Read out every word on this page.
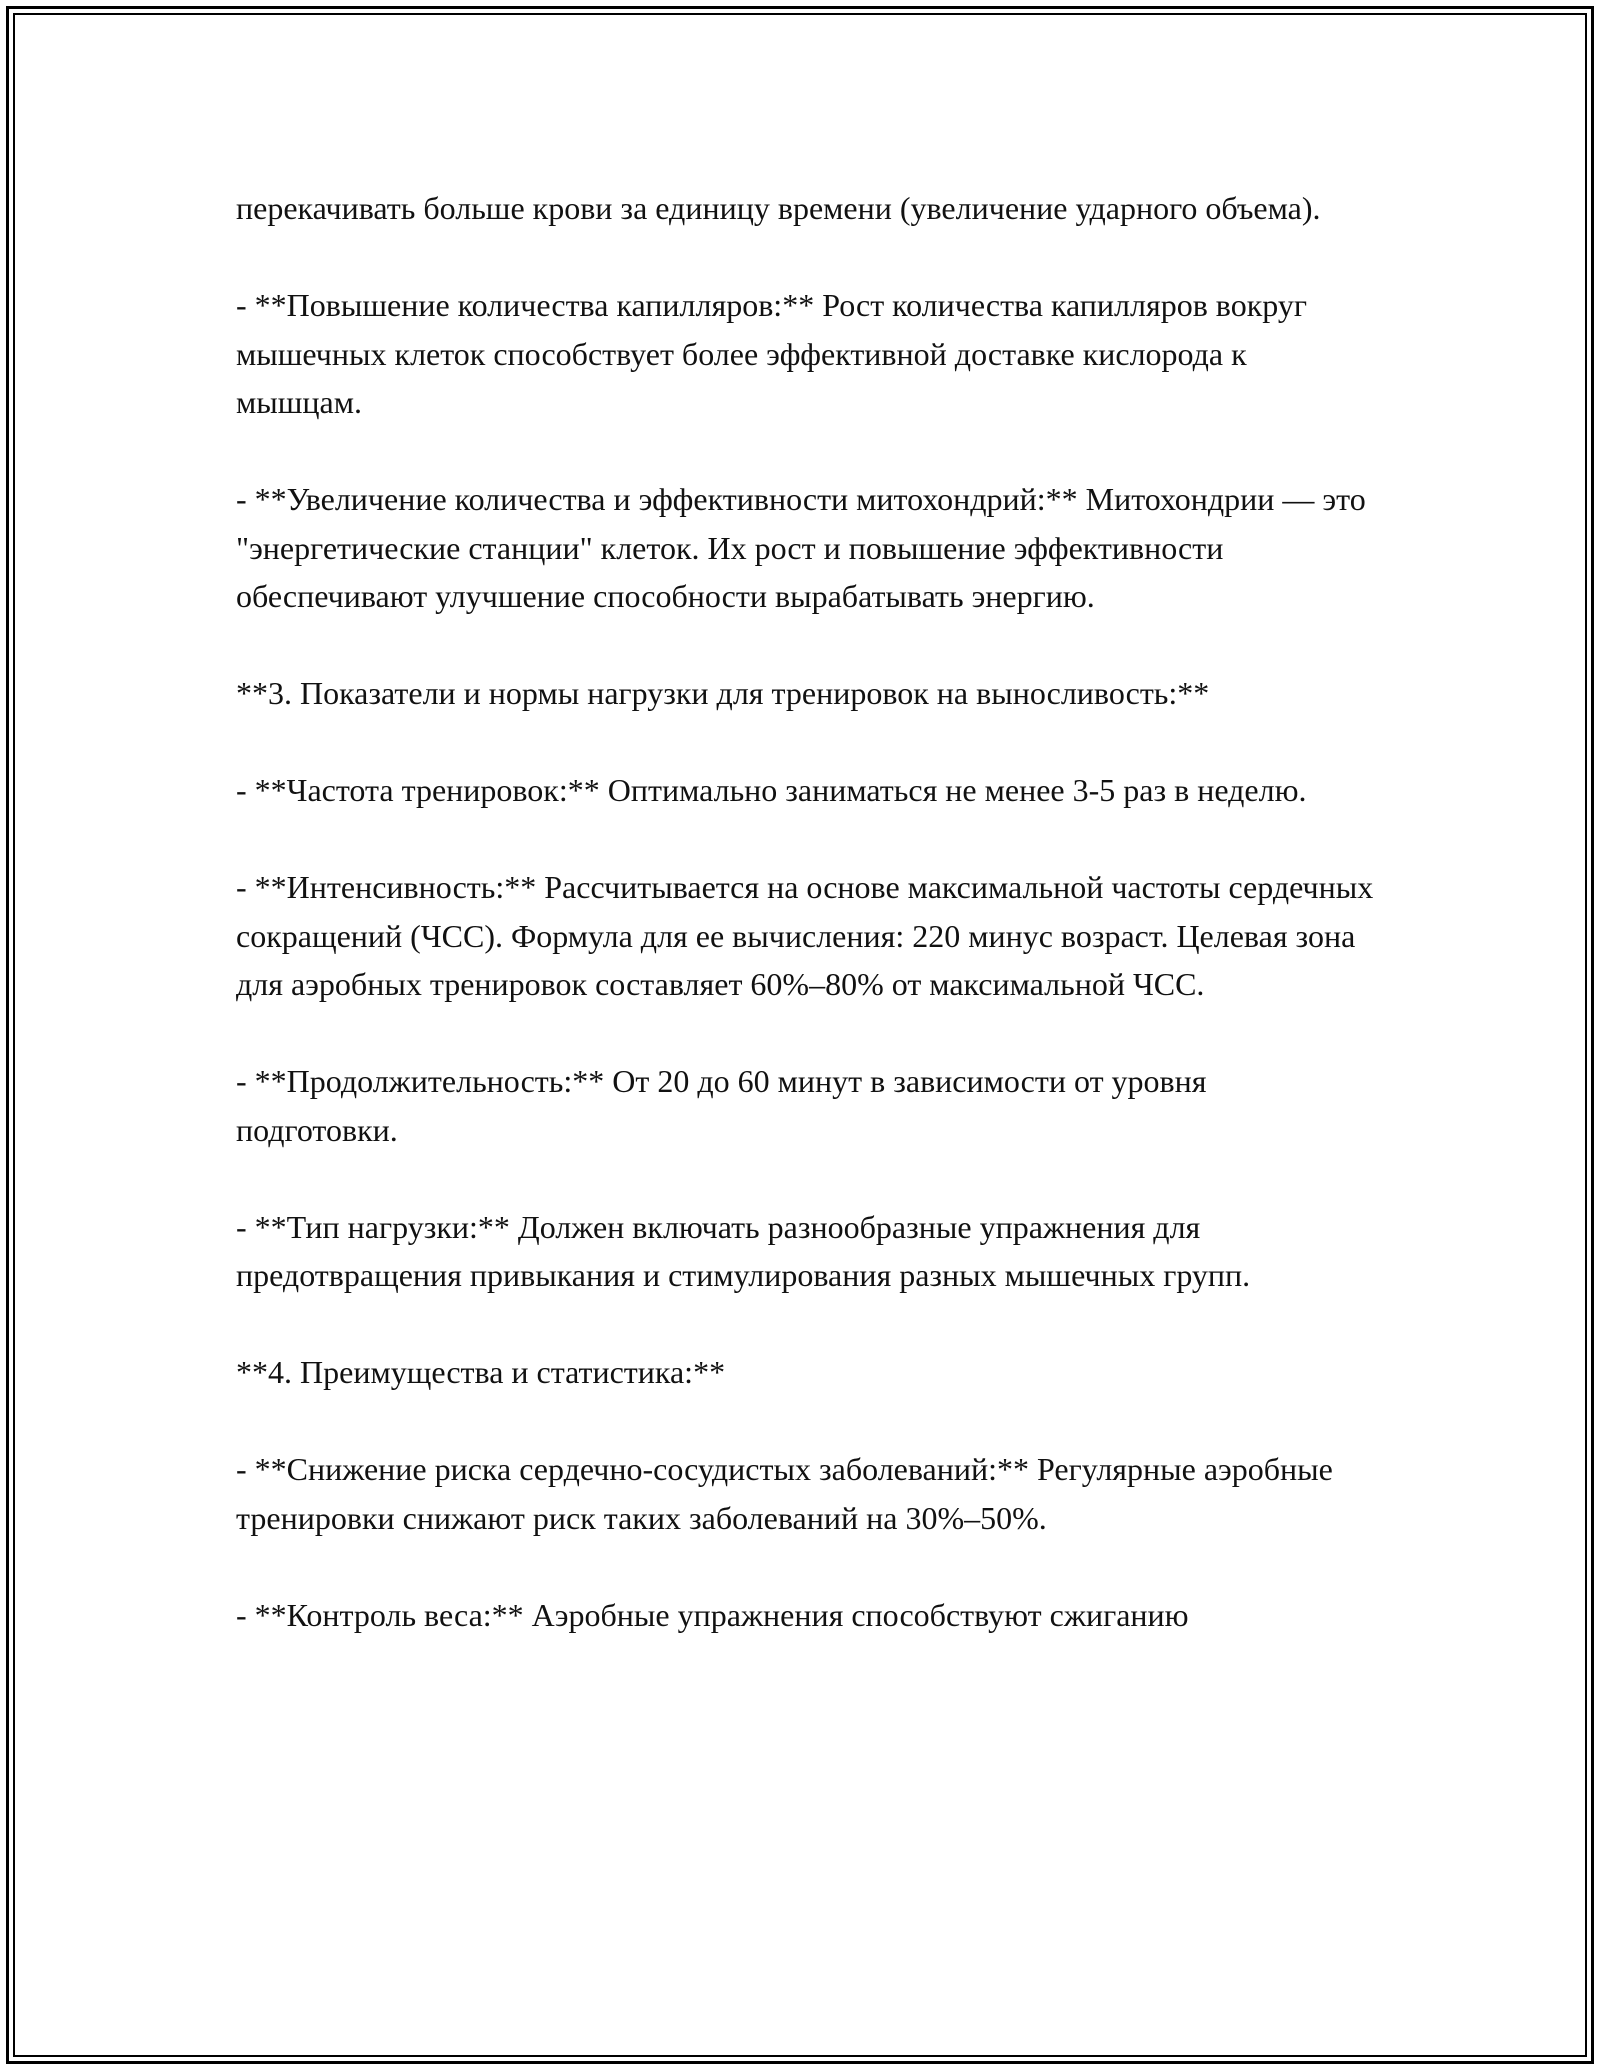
перекачивать больше крови за единицу времени (увеличение ударного объема).

- **Повышение количества капилляров:** Рост количества капилляров вокруг мышечных клеток способствует более эффективной доставке кислорода к мышцам.

- **Увеличение количества и эффективности митохондрий:** Митохондрии — это "энергетические станции" клеток. Их рост и повышение эффективности обеспечивают улучшение способности вырабатывать энергию.

**3. Показатели и нормы нагрузки для тренировок на выносливость:**

- **Частота тренировок:** Оптимально заниматься не менее 3-5 раз в неделю.

- **Интенсивность:** Рассчитывается на основе максимальной частоты сердечных сокращений (ЧСС). Формула для ее вычисления: 220 минус возраст. Целевая зона для аэробных тренировок составляет 60%–80% от максимальной ЧСС.

- **Продолжительность:** От 20 до 60 минут в зависимости от уровня подготовки.

- **Тип нагрузки:** Должен включать разнообразные упражнения для предотвращения привыкания и стимулирования разных мышечных групп.

**4. Преимущества и статистика:**

- **Снижение риска сердечно-сосудистых заболеваний:** Регулярные аэробные тренировки снижают риск таких заболеваний на 30%–50%.

- **Контроль веса:** Аэробные упражнения способствуют сжиганию
